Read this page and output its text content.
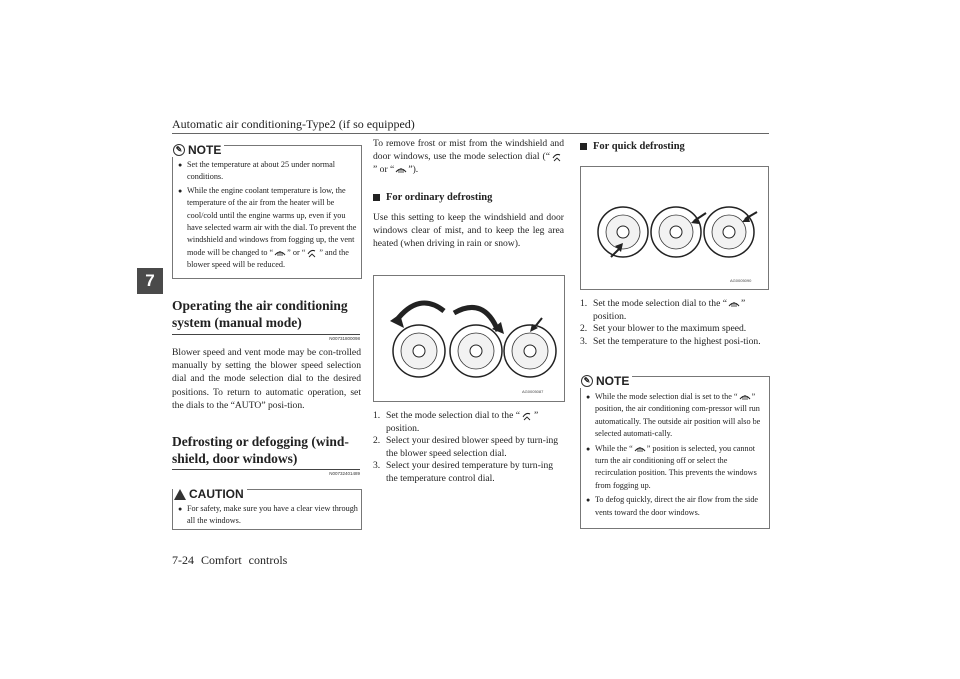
Automatic air conditioning-Type2 (if so equipped)
7
7-24 Comfort controls
✎ NOTE

● Set the temperature at about 25 under normal conditions.

● While the engine coolant temperature is low, the temperature of the air from the heater will be cool/cold until the engine warms up, even if you have selected warm air with the dial. To prevent the windshield and windows from fogging up, the vent mode will be changed to “ ” or “ ” and the blower speed will be reduced.

Operating the air conditioning system (manual mode)
N00731800098
Blower speed and vent mode may be con-trolled manually by setting the blower speed selection dial and the mode selection dial to the desired positions. To return to automatic operation, set the dials to the “AUTO” posi-tion.
Defrosting or defogging (wind-shield, door windows)
N00732401489
CAUTION

● For safety, make sure you have a clear view through all the windows.

To remove frost or mist from the windshield and door windows, use the mode selection dial (“” or “ ”).
For ordinary defrosting
Use this setting to keep the windshield and door windows clear of mist, and to keep the leg area heated (when driving in rain or snow).
AG0005087
1. Set the mode selection dial to the “ ” position.
2. Select your desired blower speed by turn-ing the blower speed selection dial.
3. Select your desired temperature by turn-ing the temperature control dial.
For quick defrosting
AG0005090
1. Set the mode selection dial to the “ ” position.
2. Set your blower to the maximum speed.
3. Set the temperature to the highest posi-tion.
✎ NOTE

● While the mode selection dial is set to the “ ” position, the air conditioning com-pressor will run automatically. The outside air position will also be selected automati-cally.

● While the “ ” position is selected, you cannot turn the air conditioning off or select the recirculation position. This prevents the windows from fogging up.

● To defog quickly, direct the air flow from the side vents toward the door windows.
